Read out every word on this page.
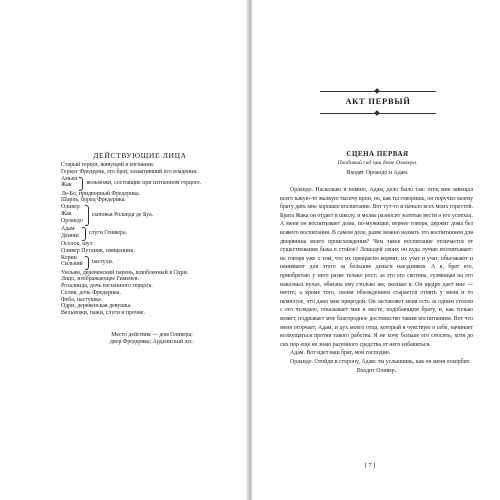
ДЕЙСТВУЮЩИЕ ЛИЦА
Старый герцог, живущий в изгнании.
Герцог Фредерик, его брат, захвативший его владения.
Амьен
Жак	вельможи, состоящие при изгнанном герцоге.
Ле-Бо, придворный Фредерика.
Шарль, борец Фредерика.
Оливер
Жак
Орландо
сыновья Роланда де Буа.
Адам
Деннис слуги Оливера.
Оселок, шут.
Оливер Путаник, священник.
Корин
Сильвий пастухи.
Уильям, деревенский парень, влюбленный в Одри.
Лицо, изображающее Гименея.
Розалинда, дочь изгнанного герцога.
Селия, дочь Фредерика.
Феба, пастушка.
Одри, деревенская девушка.
Вельможи, пажи, слуги и прочие.
Место действия — дом Оливера;
двор Фредерика; Арденнский лес.
АКТ ПЕРВЫЙ
СЦЕНА ПЕРВАЯ
Плодовый сад при доме Оливера.
Входят Орландо и Адам.

Орландо. Насколько я помню, Адам, дело было так: отец мне завещал всего какую-то жалкую тысячу крон, но, как ты говоришь, он поручил моему брату дать мне хорошее воспитание. Вот тут-то и начало всех моих горестей. Брата Жака он отдает в школу, и молва разносит золотые вести о его успехах. А меня он воспитывает дома, по-мужицки, вернее говоря, держит дома без всякого воспитания. В самом деле, разве можно назвать это воспитанием для дворянина моего происхождения? Чем такое воспитание отличается от существования быка в стойле? Лошадей своих он куда лучше воспитывает: не говоря уже о том, что их прекрасно кормят, их учат и учат, объезжают и нанимают для этого за большие деньги наездников. А я, брат его, приобретаю у него разве только рост; за это его скотина, гуляющая на его навозных кучах, обязана ему столько же, сколько я. Он щедро дает мне — ничто; а кроме того, своим обхождением старается отнять у меня и то немногое, что дано мне природой. Он заставляет меня есть за одним столом с его челядью, отказывает мне в месте, подобающем брату, и, как только может, подрывает мое благородное достоинство таким воспитанием. Вот что меня огорчает, Адам, и дух моего отца, который я чувствую в себе, начинает возмущаться против такого рабства. Я не хочу больше его сносить, хотя до сих пор еще не знаю разумного средства от него избавиться.

Адам. Вот идет ваш брат, мой господин.

Орландо. Отойди в сторону, Адам: ты услышишь, как он меня оскорбит.

Входит Оливер.

[ 7 ]
